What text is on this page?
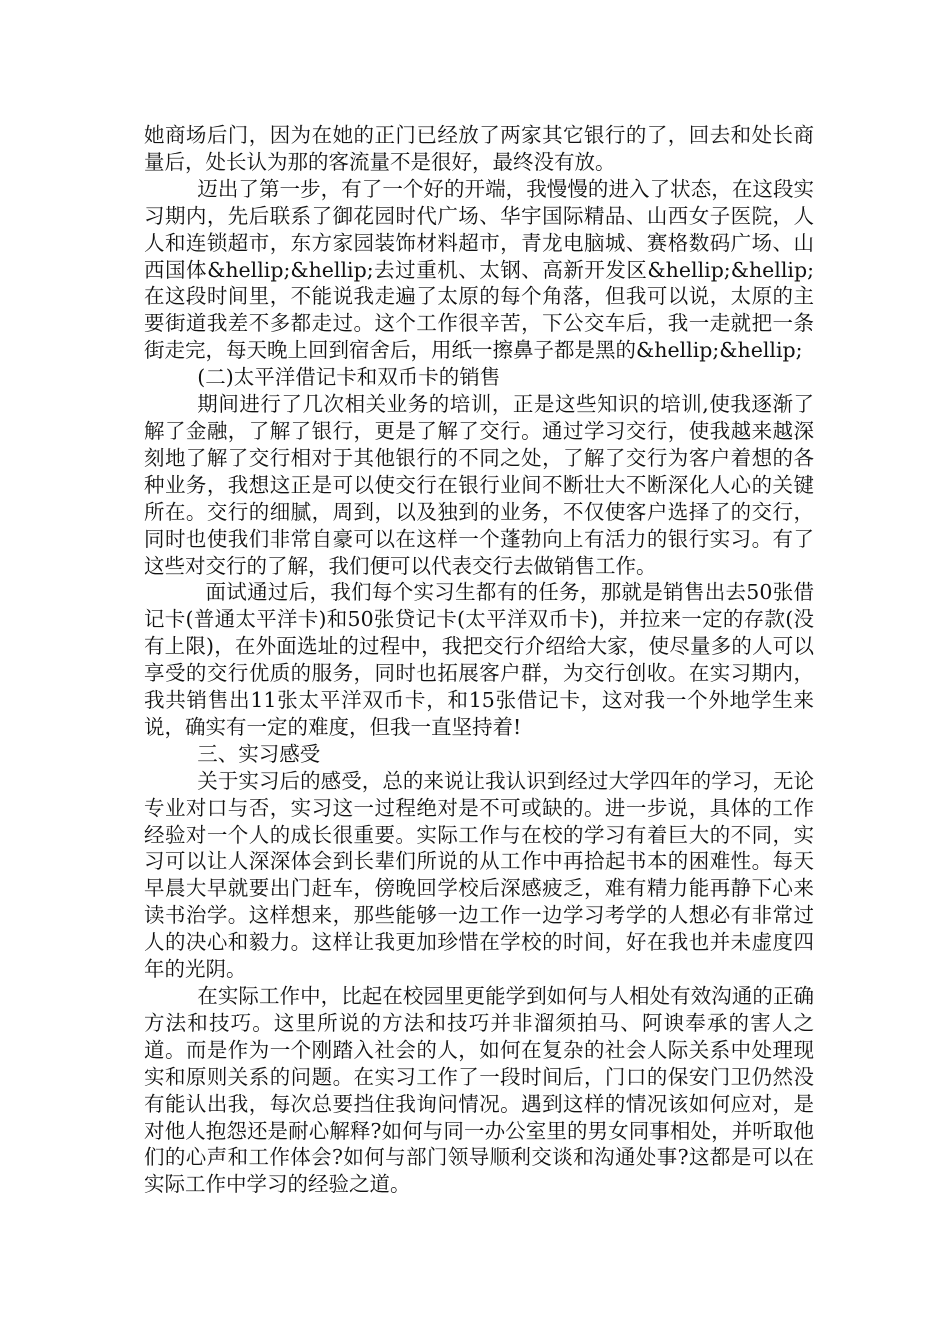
她商场后门，因为在她的正门已经放了两家其它银行的了，回去和处长商量后，处长认为那的客流量不是很好，最终没有放。

迈出了第一步，有了一个好的开端，我慢慢的进入了状态，在这段实习期内，先后联系了御花园时代广场、华宇国际精品、山西女子医院，人人和连锁超市，东方家园装饰材料超市，青龙电脑城、赛格数码广场、山西国体&hellip;&hellip;去过重机、太钢、高新开发区&hellip;&hellip;在这段时间里，不能说我走遍了太原的每个角落，但我可以说，太原的主要街道我差不多都走过。这个工作很辛苦，下公交车后，我一走就把一条街走完，每天晚上回到宿舍后，用纸一擦鼻子都是黑的&hellip;&hellip;

(二)太平洋借记卡和双币卡的销售

期间进行了几次相关业务的培训，正是这些知识的培训,使我逐渐了解了金融，了解了银行，更是了解了交行。通过学习交行，使我越来越深刻地了解了交行相对于其他银行的不同之处，了解了交行为客户着想的各种业务，我想这正是可以使交行在银行业间不断壮大不断深化人心的关键所在。交行的细腻，周到，以及独到的业务，不仅使客户选择了的交行，同时也使我们非常自豪可以在这样一个蓬勃向上有活力的银行实习。有了这些对交行的了解，我们便可以代表交行去做销售工作。

面试通过后，我们每个实习生都有的任务，那就是销售出去50张借记卡(普通太平洋卡)和50张贷记卡(太平洋双币卡)，并拉来一定的存款(没有上限)，在外面选址的过程中，我把交行介绍给大家，使尽量多的人可以享受的交行优质的服务，同时也拓展客户群，为交行创收。在实习期内，我共销售出11张太平洋双币卡，和15张借记卡，这对我一个外地学生来说，确实有一定的难度，但我一直坚持着!

三、实习感受

关于实习后的感受，总的来说让我认识到经过大学四年的学习，无论专业对口与否，实习这一过程绝对是不可或缺的。进一步说，具体的工作经验对一个人的成长很重要。实际工作与在校的学习有着巨大的不同，实习可以让人深深体会到长辈们所说的从工作中再拾起书本的困难性。每天早晨大早就要出门赶车，傍晚回学校后深感疲乏，难有精力能再静下心来读书治学。这样想来，那些能够一边工作一边学习考学的人想必有非常过人的决心和毅力。这样让我更加珍惜在学校的时间，好在我也并未虚度四年的光阴。

在实际工作中，比起在校园里更能学到如何与人相处有效沟通的正确方法和技巧。这里所说的方法和技巧并非溜须拍马、阿谀奉承的害人之道。而是作为一个刚踏入社会的人，如何在复杂的社会人际关系中处理现实和原则关系的问题。在实习工作了一段时间后，门口的保安门卫仍然没有能认出我，每次总要挡住我询问情况。遇到这样的情况该如何应对，是对他人抱怨还是耐心解释?如何与同一办公室里的男女同事相处，并听取他们的心声和工作体会?如何与部门领导顺利交谈和沟通处事?这都是可以在实际工作中学习的经验之道。
